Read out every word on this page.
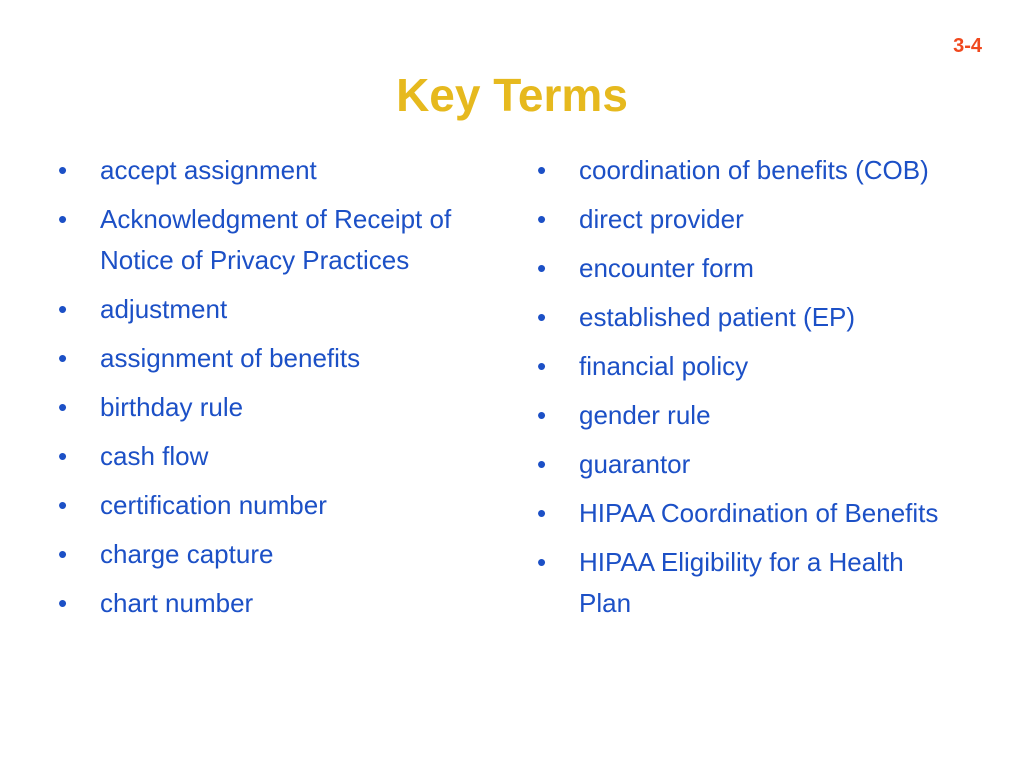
Key Terms
3-4
• accept assignment
• Acknowledgment of Receipt of Notice of Privacy Practices
• adjustment
• assignment of benefits
• birthday rule
• cash flow
• certification number
• charge capture
• chart number
• coordination of benefits (COB)
• direct provider
• encounter form
• established patient (EP)
• financial policy
• gender rule
• guarantor
• HIPAA Coordination of Benefits
• HIPAA Eligibility for a Health Plan
